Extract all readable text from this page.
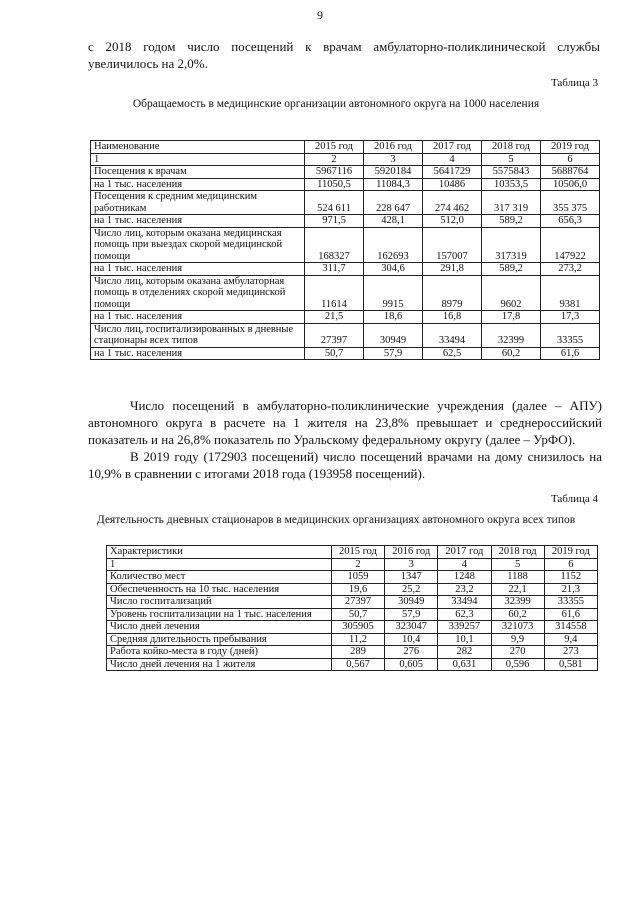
9
с 2018 годом число посещений к врачам амбулаторно-поликлинической службы увеличилось на 2,0%.
Таблица 3
Обращаемость в медицинские организации автономного округа на 1000 населения
Наименование	2015 год	2016 год	2017 год	2018 год	2019 год
1	2	3	4	5	6
Посещения к врачам	5967116	5920184	5641729	5575843	5688764
на 1 тыс. населения	11050,5	11084,3	10486	10353,5	10506,0
Посещения к средним медицинским работникам	524 611	228 647	274 462	317 319	355 375
на 1 тыс. населения	971,5	428,1	512,0	589,2	656,3
Число лиц, которым оказана медицинская помощь при выездах скорой медицинской помощи	168327	162693	157007	317319	147922
на 1 тыс. населения	311,7	304,6	291,8	589,2	273,2
Число лиц, которым оказана амбулаторная помощь в отделениях скорой медицинской помощи	11614	9915	8979	9602	9381
на 1 тыс. населения	21,5	18,6	16,8	17,8	17,3
Число лиц, госпитализированных в дневные стационары всех типов	27397	30949	33494	32399	33355
на 1 тыс. населения	50,7	57,9	62,5	60,2	61,6
Число посещений в амбулаторно-поликлинические учреждения (далее – АПУ) автономного округа в расчете на 1 жителя на 23,8% превышает и среднероссийский показатель и на 26,8% показатель по Уральскому федеральному округу (далее – УрФО).
В 2019 году (172903 посещений) число посещений врачами на дому снизилось на 10,9% в сравнении с итогами 2018 года (193958 посещений).
Таблица 4
Деятельность дневных стационаров в медицинских организациях автономного округа всех типов
Характеристики	2015 год	2016 год	2017 год	2018 год	2019 год
1	2	3	4	5	6
Количество мест	1059	1347	1248	1188	1152
Обеспеченность на 10 тыс. населения	19,6	25,2	23,2	22,1	21,3
Число госпитализаций	27397	30949	33494	32399	33355
Уровень госпитализации на 1 тыс. населения	50,7	57,9	62,3	60,2	61,6
Число дней лечения	305905	323047	339257	321073	314558
Средняя длительность пребывания	11,2	10,4	10,1	9,9	9,4
Работа койко-места в году (дней)	289	276	282	270	273
Число дней лечения на 1 жителя	0,567	0,605	0,631	0,596	0,581
